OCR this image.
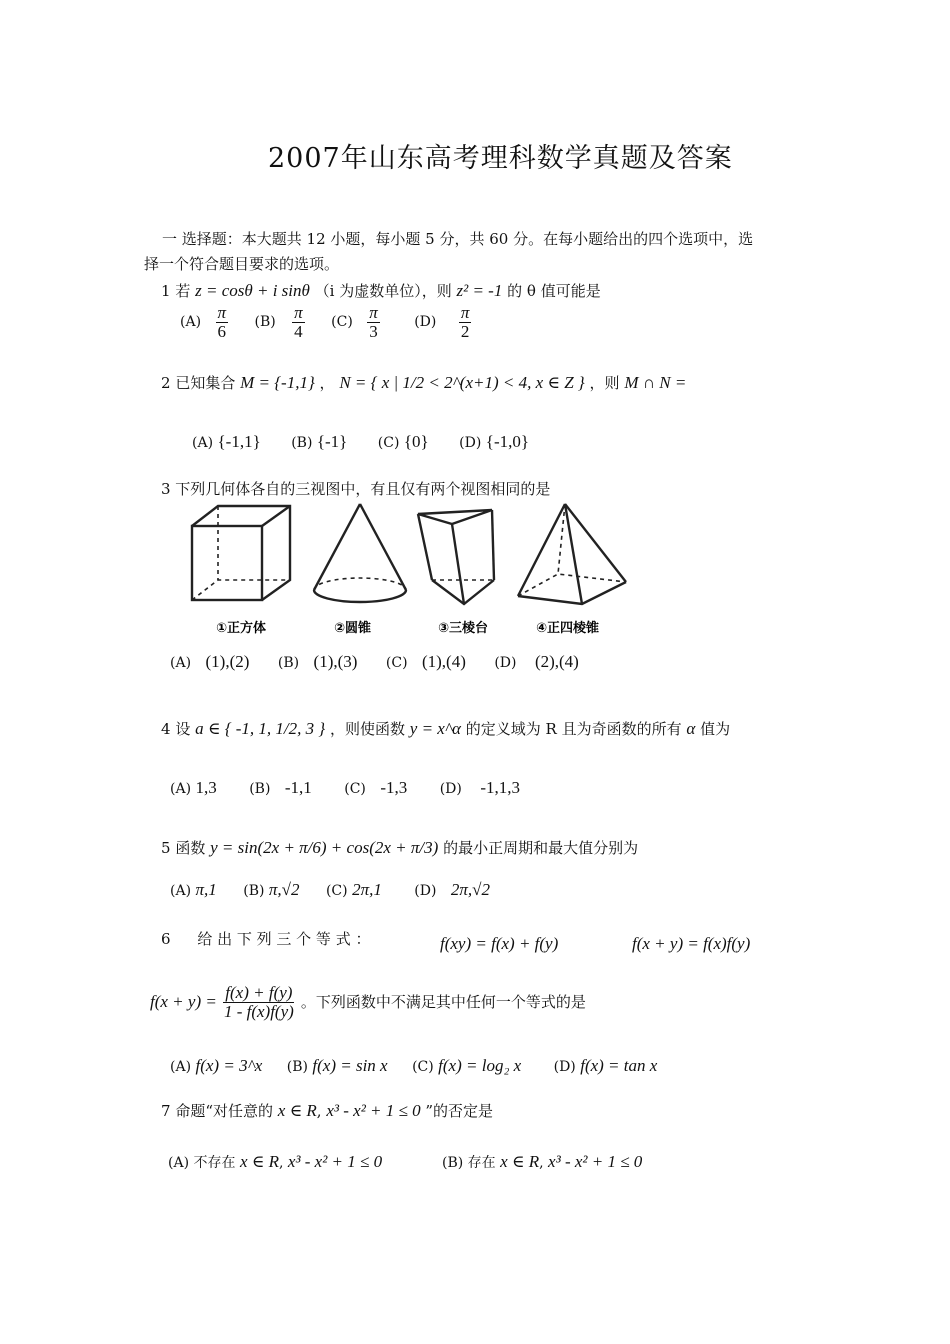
2007年山东高考理科数学真题及答案
一 选择题：本大题共 12 小题，每小题 5 分，共 60 分。在每小题给出的四个选项中，选
择一个符合题目要求的选项。
1 若 z = cosθ + i sinθ （i 为虚数单位），则 z² = -1 的 θ 值可能是
$(A) \frac{\pi}{6} (B) \frac{\pi}{4} (C) \frac{\pi}{3} (D) \frac{\pi}{2}$
2 已知集合 M = {-1,1} ， N = { x | 1/2 < 2^(x+1) < 4, x ∈ Z } ，则 M ∩ N =
(A) {-1,1} (B) {-1} (C) {0} (D) {-1,0}
3 下列几何体各自的三视图中，有且仅有两个视图相同的是
①正方体	②圆锥	③三棱台	④正四棱锥
(A) (1),(2) (B) (1),(3) (C) (1),(4) (D) (2),(4)
4 设 a ∈ { -1, 1, 1/2, 3 } ，则使函数 y = x^α 的定义域为 R 且为奇函数的所有 α 值为
(A) 1,3 (B) -1,1 (C) -1,3 (D) -1,1,3
5 函数 y = sin(2x + π/6) + cos(2x + π/3) 的最小正周期和最大值分别为
(A) π,1 (B) π,√2 (C) 2π,1 (D) 2π,√2
6 给 出 下 列 三 个 等 式 ：	f(xy) = f(x) + f(y)	f(x + y) = f(x)f(y)
$f(x + y) = \frac{f(x) + f(y)}{1 - f(x)f(y)}$ 。下列函数中不满足其中任何一个等式的是
(A) f(x) = 3^x (B) f(x) = sin x (C) f(x) = log₂ x (D) f(x) = tan x
7 命题“对任意的 x ∈ R, x³ - x² + 1 ≤ 0 ”的否定是
(A) 不存在 x ∈ R, x³ - x² + 1 ≤ 0	(B) 存在 x ∈ R, x³ - x² + 1 ≤ 0
